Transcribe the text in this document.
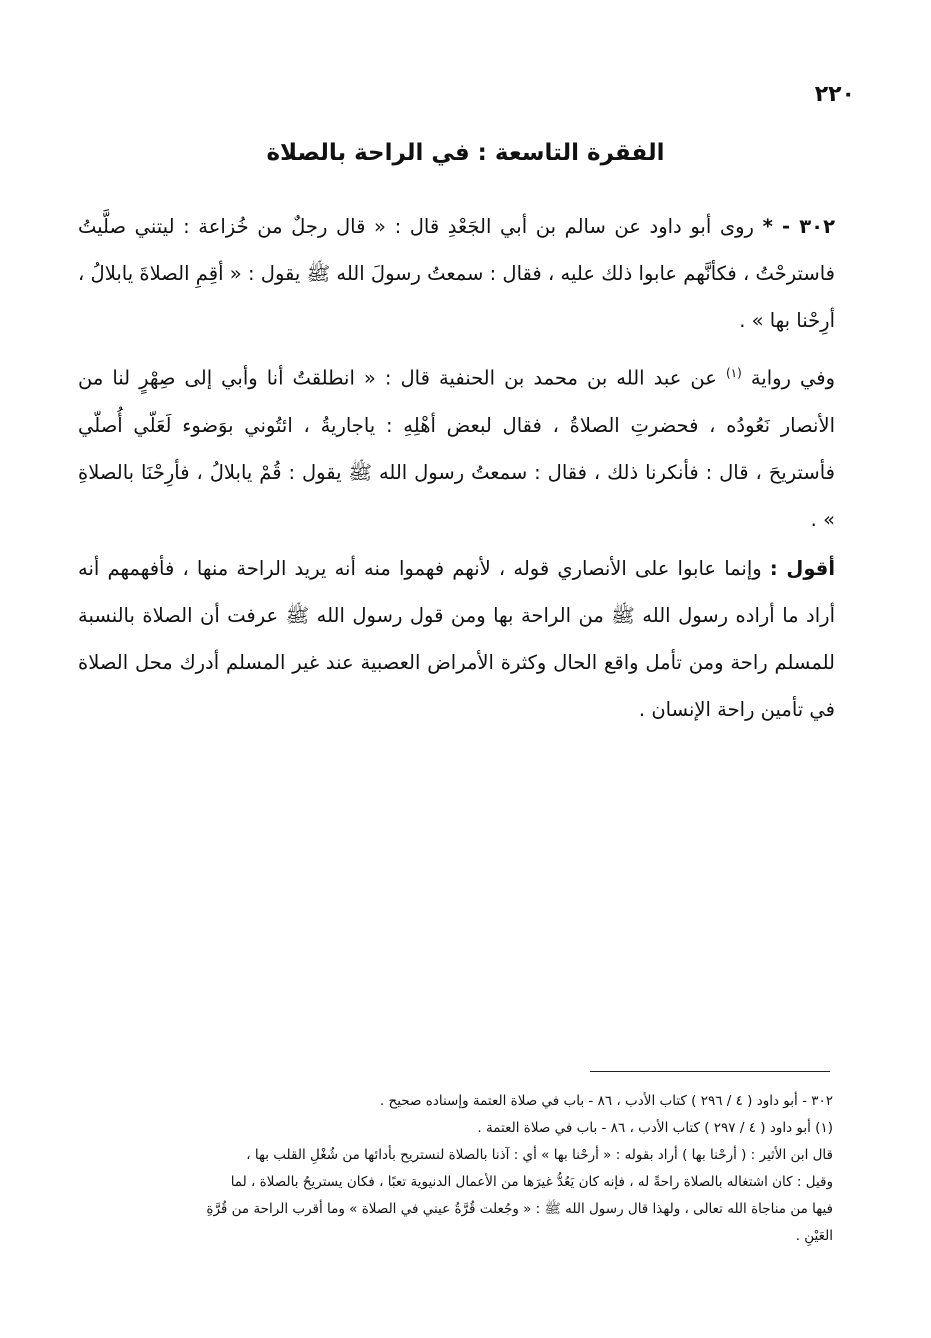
٢٢٠
الفقرة التاسعة : في الراحة بالصلاة
٣٠٢ - * روى أبو داود عن سالم بن أبي الجَعْدِ قال : « قال رجلٌ من خُزاعة : ليتني صلَّيتُ فاسترحْتُ ، فكأنَّهم عابوا ذلك عليه ، فقال : سمعتُ رسولَ الله ﷺ يقول : « أقِمِ الصلاةَ يابلالُ ، أرِحْنا بها » .
وفي رواية $^{(١)}$ عن عبد الله بن محمد بن الحنفية قال : « انطلقتُ أنا وأبي إلى صِهْرٍ لنا من الأنصار نَعُودُه ، فحضرتِ الصلاةُ ، فقال لبعض أهْلِهِ : ياجاريةُ ، ائتُوني بوَضوء لَعَلّي أُصلّي فأستريحَ ، قال : فأنكرنا ذلك ، فقال : سمعتُ رسول الله ﷺ يقول : قُمْ يابلالُ ، فأرِحْنَا بالصلاةِ » .
أقول : وإنما عابوا على الأنصاري قوله ، لأنهم فهموا منه أنه يريد الراحة منها ، فأفهمهم أنه أراد ما أراده رسول الله ﷺ من الراحة بها ومن قول رسول الله ﷺ عرفت أن الصلاة بالنسبة للمسلم راحة ومن تأمل واقع الحال وكثرة الأمراض العصبية عند غير المسلم أدرك محل الصلاة في تأمين راحة الإنسان .

٣٠٢ - أبو داود ( ٤ / ٢٩٦ ) كتاب الأدب ، ٨٦ - باب في صلاة العتمة وإسناده صحيح .

(١) أبو داود ( ٤ / ٢٩٧ ) كتاب الأدب ، ٨٦ - باب في صلاة العتمة .

قال ابن الأثير : ( أرحْنا بها ) أراد بقوله : « أرحْنا بها » أي : آذنا بالصلاة لنستريح بأدائها من شُغْلِ القلب بها ،

وقيل : كان اشتغاله بالصلاة راحةً له ، فإنه كان يَعُدُّ غيرَها من الأعمال الدنيوية تعبًا ، فكان يستريحُ بالصلاة ، لما

فيها من مناجاة الله تعالى ، ولهذا قال رسول الله ﷺ : « وجُعلت قُرَّةُ عيني في الصلاة » وما أقرب الراحة من قُرَّةِ

العَيْنِ .
